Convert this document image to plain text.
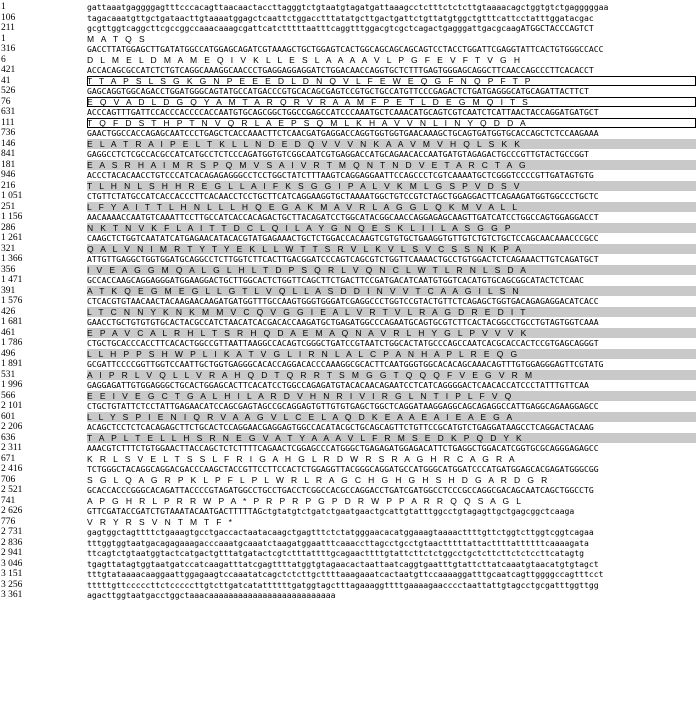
1	gattaaatgaggggagtttcccacagttaacaactaccttagggtctgtaatgtagatgattaaagcctctttctctcttgtaaaacagctggtgtctgagggggaa
106	tagacaaatgttgctgataacttgtaaaatggagctcaattctggacctttatatgcttgactgattctgttatgtggctgtttcattcctatttggatacgac
211	gcgttggtcaggcttcgccggccaaacaaagcgattcatctttttaatttcaggtttggacgtcgctcagactgagggattgacgcaagATGGCTACCCAGTCT
1	M A T Q S
316	GACCTTATGGAGCTTGATATGGCCATGGAGCAGATCGTAAAGCTGCTGGAGTCACTGGCAGCAGCAGCAGTCCTACCTGGATTCGAGGTATTCACTGTGGGCCACC
6	D L M E L D M A M E Q I V K L L E S L A A A A V L P G F E V F T V G H
421	ACCACAGCGCCATCTCTGTCAGGCAAAGGCAACCCTGAGGAGGAGGATCTGGACAACCAGGTGCTCTTTGAGTGGGAGCAGGCTTCAACCAGCCCTTCACACCT
41	T T A P S L S G K G N P E E E D L D N Q V L F E W E Q G F N Q P F T P
526	GAGCAGGTGGCAGACCTGGATGGGCAGTATGCCATGACCCGTGCACAGCGAGTCCGTGCTGCCATGTTCCCGAGACTCTGATGAGGGCATGCAGATTACTTCT
76	E Q V A D L D G Q Y A M T A R Q R V R A A M F P E T L D E G M Q I T S
631	ACCCAGTTTGATTCCACCCACCCCACCAATGTGCAGCGGCTGGCCGAGCCATCCCAAATGCTCAAACATGCAGTCGTCAATCTCATTAACTACCAGGATGATGCT
111	T Q F D S T H P T N V Q R L A E P S Q M L K H A V V N L I N Y Q D D A
736	GAACTGGCCACCAGAGCAATCCCTGAGCTCACCAAACTTCTCAACGATGAGGACCAGGTGGTGGTGAACAAAGCTGCAGTGATGGTGCACCAGCTCTCCAAGAAA
146	E L A T R A I P E L T K L L N D E D Q V V V N K A A V M V H Q L S K K
841	GAGGCCTCTCGCCACGCCATCATGCCTCTCCCAGATGGTGTCGGCAATCGTGAGGACCATGCAGAACACCAATGATGTAGAGACTGCCCGTTGTACTGCCGGT
181	E A S R H A I M R S P Q M V S A I V R T M Q N T N D V E T A R C T A G
946	ACCCTACACAACCTGTCCCATCACAGAGAGGGCCTCCTGGCTATCTTTAAGTCAGGAGGAATTCCAGCCCTCGTCAAAATGCTCGGGTCCCCGTTGATAGTGTG
216	T L H N L S H H R E G L L A I F K S G G I P A L V K M L G S P V D S V
1 051	CTGTTCTATGCCATCACCACCCTTCACAACCTCCTGCTTCATCAGGAAGGTGCTAAAATGGCTGTCCGTCTAGCTGGAGGACTTCAGAAGATGGTGGCCCTGCTC
251	L F Y A I T T L H N L L L H Q E G A K M A V R L A G G L Q K M V A L L
1 156	AACAAAACCAATGTCAAATTCCTTGCCATCACCACAGACTGCTTACAGATCCTGGCATACGGCAACCAGGAGAGCAAGTTGATCATCCTGGCCAGTGGAGGACCT
286	N K T N V K F L A I T T D C L Q I L A Y G N Q E S K L I I L A S G G P
1 261	CAAGCTCTGGTCAATATCATGAGAACATACACGTATGAGAAACTGCTCTGGACCACAAGTCGTGTGCTGAAGGTGTTGTCTGTCTGCTCCAGCAACAAACCCGCC
321	Q A L V N I M R T Y T Y E K L L W T T S R V L K V L S V C S S N K P A
1 366	ATTGTTGAGGCTGGTGGATGCAGGCCTCTTGGTCTTCACTTGACGGATCCCAGTCAGCGTCTGGTTCAAAACTGCCTGTGGACTCTCAGAAACTTGTCAGATGCT
356	I V E A G G M Q A L G L H L T D P S Q R L V Q N C L W T L R N L S D A
1 471	GCCACCAAGCAGGAGGGATGGAAGGACTGCTTGGCACTCTGGTTCAGCTTCTGACTTCCGATGACATCAATGTGGTCACATGTGCAGCGGCATACTCTCAAC
391	A T K Q E G M E G L L G T L V Q L L A S D D I N V V T C A A G I L S N
1 576	CTCACGTGTAACAACTACAAGAACAAGATGATGGTTTGCCAAGTGGGTGGGATCGAGGCCCTGGTCCGTACTGTTCTCAGAGCTGGTGACAGAGAGGACATCACC
426	L T C N N Y K N K M M V C Q V G G I E A L V R T V L R A G D R E D I T
1 681	GAACCTGCTGTGTGTGCACTACGCCATCTAACATCACGACACCAAGATGCTGAGATGGCCCAGAATGCAGTGCGTCTTCACTACGGCCTGCCTGTAGTGGTCAAA
461	E P A V C A L R H L T S R H Q D A E M A Q N A V R L H Y G L P V V V K
1 786	CTGCTGCACCCACCTTCACACTGGCCGTTAATTAAGGCCACAGTCGGGCTGATCCGTAATCTGGCACTATGCCCAGCCAATCACGCACCACTCCGTGAGCAGGGT
496	L L H P P S H W P L I K A T V G L I R N L A L C P A N H A P L R E Q G
1 891	GCGATTCCCCGGTTGGTCCAATTGCTGGTGAGGGCACACCAGGACACCCAAAGGCGCACTTCAATGGGTGGCACACAGCAAACAGTTTGTGGAGGGAGTTCGTATG
531	A I P R L V Q L L V R A H Q D T Q R R T S M G G T Q Q Q F V E G V R M
1 996	GAGGAGATTGTGGAGGGCTGCACTGGAGCACTTCACATCCTGGCCAGAGATGTACACAACAGAATCCTCATCAGGGGACTCAACACCATCCCTATTTGTTCAA
566	E E I V E G C T G A L H I L A R D V H N R I V I R G L N T I P L F V Q
2 101	CTGCTGTATTCTCCTATTGAGAACATCCAGCGAGTAGCCGCAGGAGTGTTGTGTGAGCTGGCTCAGGATAAGGAGGCAGCAGAGGCCATTGAGGCAGAAGGAGCC
601	L L Y S P I E N I Q R V A A G V L C E L A Q D K E A A E A I E A E G A
2 206	ACAGCTCCTCTCACAGAGCTTCTGCACTCCAGGAACGAGGAGTGGCCACATACGCTGCAGCAGTTCTGTTCCGCATGTCTGAGGATAAGCCTCAGGACTACAAG
636	T A P L T E L L H S R N E G V A T Y A A A V L F R M S E D K P Q D Y K
2 311	AAACGTCTTTCTGTGGAACTTACCAGCTCTCTTTTCAGAACTCGGAGCCCATGGGCTGAGAGATGGAGACATTCTGAGGCTGGACATCGGTGCGCAGGGAGAGCC
671	K R L S V E L T S S L F R I G A H G L R D W R S R A G H R C A G R A
2 416	TCTGGGCTACAGGCAGGACGACCCAAGCTACCGTTCCTTCCACTCTGGAGGTTACGGGCAGGATGCCATGGGCATGGATCCCATGATGGAGCACGAGATGGGCGG
706	S G L Q A G R P K L P F L P L W R L R A G C H G H G H S H D G A R D G R
2 521	GCACCACCCGGGCACAGATTACCCCGTAGATGGCCTGCCTGACCTCGGCCACGCCAGGACCTGATCGATGGCCTCCCGCCAGGCGACAGCAATCAGCTGGCCTG
741	A P G H R L P R R W P A * P R P R P G P D R W P P A R R Q Q S A G L
2 626	GTTCGATACCGATCTGTAAATACAATGACTTTTTAGctgtatgtctgatctgaatgaactgcattgtatttggcctgtagagttgctgagcggctcaaga
776	V R Y R S V N T M T F *
2 731	gagtggctagttttctgaaagtgcctgaccactaatacaagctgagtttctctatgggaacacatggaaagtaaaacttttgttctggtcttggtcggtcagaa
2 836	tttggtggtaatgacagagaaagacccaaatgcaaatctaagatggaatttcaaaccttagcctgcctgtaactttttattacttttattttttcaaaagata
2 941	ttcagtctgtaatggtactcatgactgtttatgatactcgtctttattttgcagaacttttgtattcttctctggcctgctcttcttctctccttcatagtg
3 046	tgagttatagtggtaatgatccatcaagatttatcgagttttatggtgtagaacactaattaatcaggtgaatttgtattcttatcaaatgtaacatgtgtagct
3 151	tttgtataaaacaaggaattggagaagtccaaatatcagctctcttgcttttaaagaaatcactaatgttccaaaaggatttgcaatcagttggggccagtttcct
3 256	tttttgttcccccttctcccccttgtcttgatcatattttttgatggtagctttagaaaggttttgaaaagaacccctaattattgtagcctgcgatttggttgg
3 361	agacttggtaatgacctggctaaacaaaaaaaaaaaaaaaaaaaaaaaaaa
